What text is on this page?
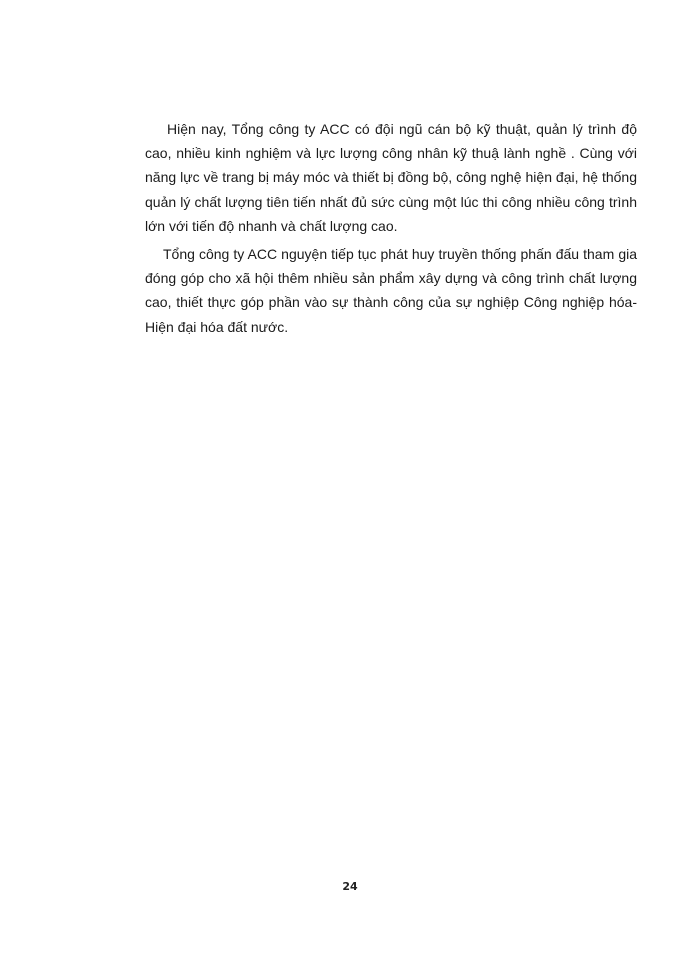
Hiện nay, Tổng công ty ACC có đội ngũ cán bộ kỹ thuật, quản lý trình độ cao, nhiều kinh nghiệm và lực lượng công nhân kỹ thuậ lành nghề . Cùng với năng lực về trang bị máy móc và thiết bị đồng bộ, công nghệ hiện đại, hệ thống quản lý chất lượng tiên tiến nhất đủ sức cùng một lúc thi công nhiều công trình lớn với tiến độ nhanh và chất lượng cao.

Tổng công ty ACC nguyện tiếp tục phát huy truyền thống phấn đấu tham gia đóng góp cho xã hội thêm nhiều sản phẩm xây dựng và công trình chất lượng cao, thiết thực góp phần vào sự thành công của sự nghiệp Công nghiệp hóa-Hiện đại hóa đất nước.

24
